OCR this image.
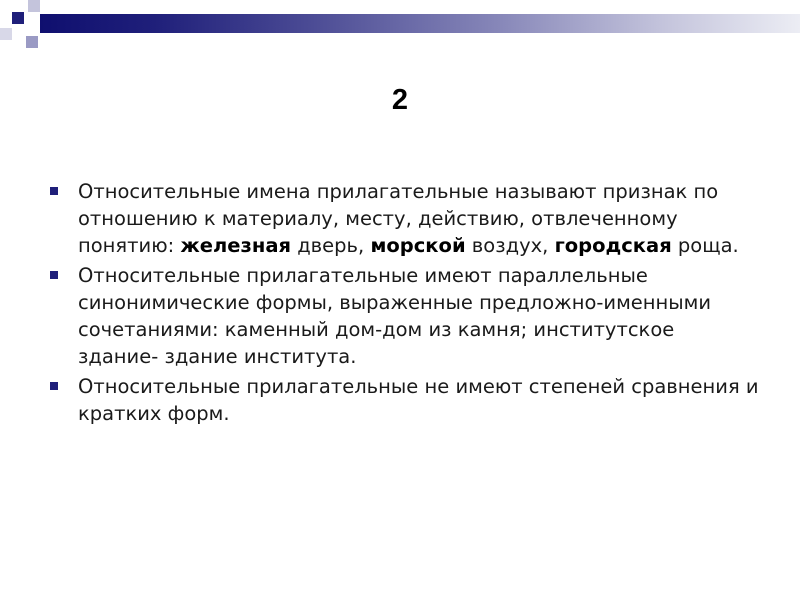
2
Относительные имена прилагательные называют признак по отношению к материалу, месту, действию, отвлеченному понятию: железная дверь, морской воздух, городская роща.
Относительные прилагательные имеют параллельные синонимические формы, выраженные предложно-именными сочетаниями: каменный дом-дом из камня; институтское здание- здание института.
Относительные прилагательные не имеют степеней сравнения и кратких форм.
